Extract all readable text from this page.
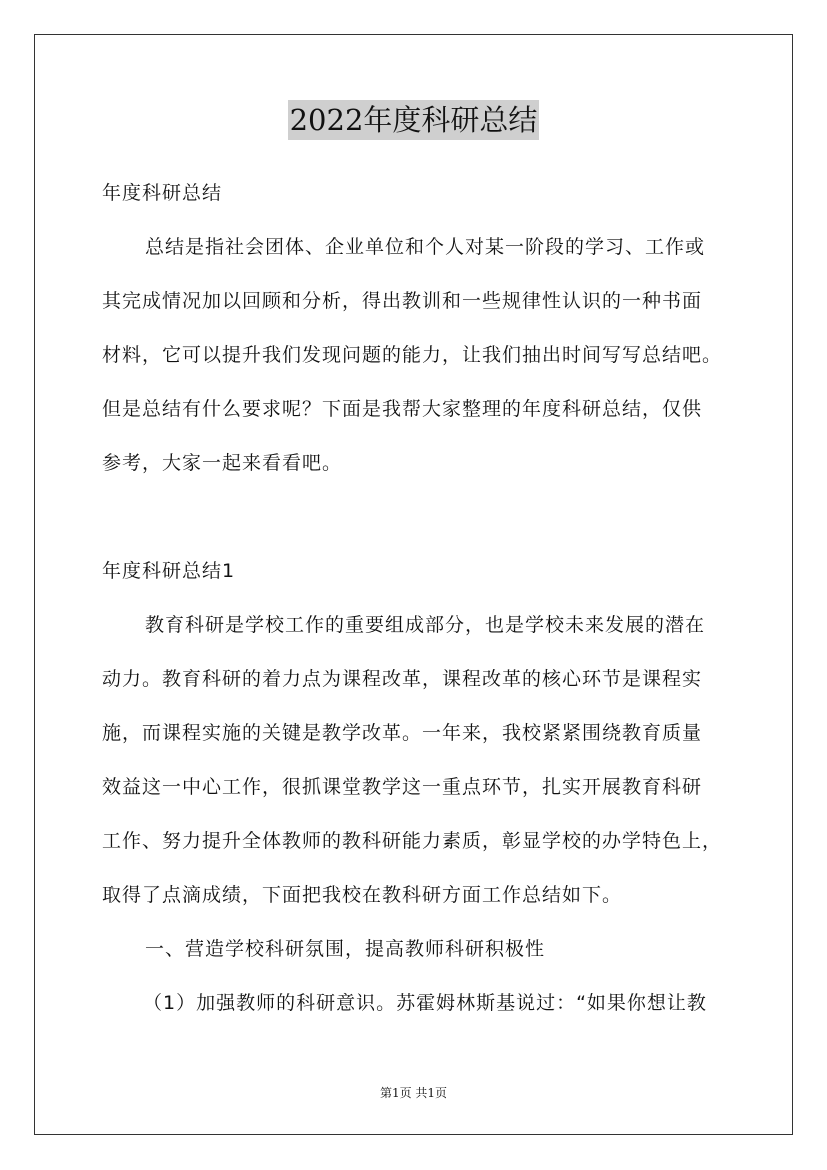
2022年度科研总结
年度科研总结
总结是指社会团体、企业单位和个人对某一阶段的学习、工作或
其完成情况加以回顾和分析，得出教训和一些规律性认识的一种书面
材料，它可以提升我们发现问题的能力，让我们抽出时间写写总结吧。
但是总结有什么要求呢？下面是我帮大家整理的年度科研总结，仅供
参考，大家一起来看看吧。
年度科研总结1
教育科研是学校工作的重要组成部分，也是学校未来发展的潜在
动力。教育科研的着力点为课程改革，课程改革的核心环节是课程实
施，而课程实施的关键是教学改革。一年来，我校紧紧围绕教育质量
效益这一中心工作，很抓课堂教学这一重点环节，扎实开展教育科研
工作、努力提升全体教师的教科研能力素质，彰显学校的办学特色上，
取得了点滴成绩，下面把我校在教科研方面工作总结如下。
一、营造学校科研氛围，提高教师科研积极性
（1）加强教师的科研意识。苏霍姆林斯基说过：“如果你想让教
第1页 共1页
